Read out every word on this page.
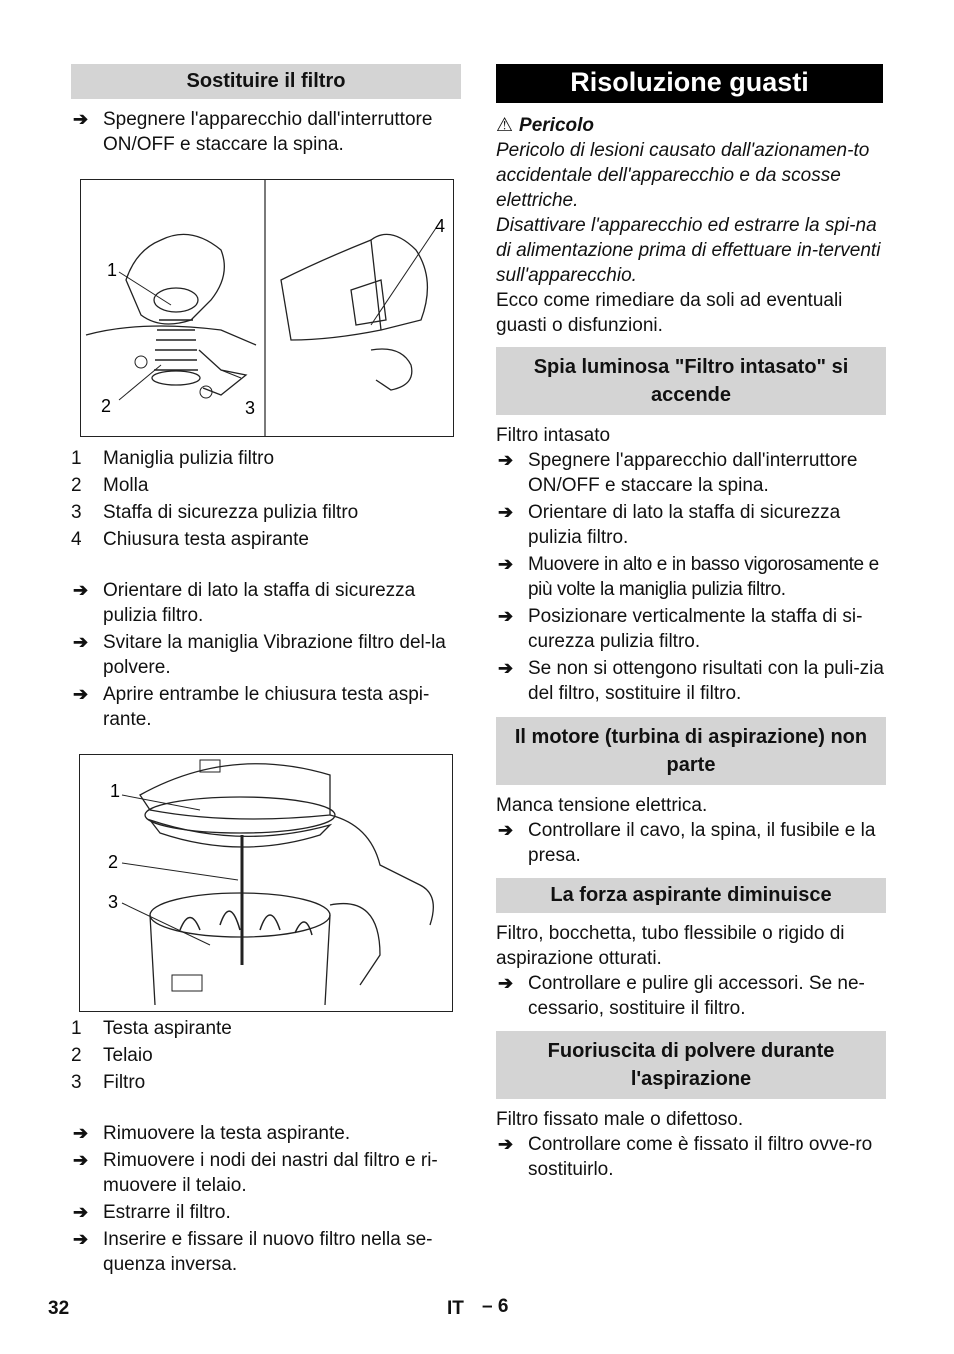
Sostituire il filtro
➔ Spegnere l'apparecchio dall'interruttore ON/OFF e staccare la spina.
1
2	3
4
1	Maniglia pulizia filtro
2	Molla
3	Staffa di sicurezza pulizia filtro
4	Chiusura testa aspirante
➔ Orientare di lato la staffa di sicurezza pulizia filtro.
➔ Svitare la maniglia Vibrazione filtro del-la polvere.
➔ Aprire entrambe le chiusura testa aspi-rante.
1
2
3
1	Testa aspirante
2	Telaio
3	Filtro
➔ Rimuovere la testa aspirante.
➔ Rimuovere i nodi dei nastri dal filtro e ri-muovere il telaio.
➔ Estrarre il filtro.
➔ Inserire e fissare il nuovo filtro nella se-quenza inversa.
Risoluzione guasti
⚠ Pericolo

Pericolo di lesioni causato dall'azionamen-to accidentale dell'apparecchio e da scosse elettriche.

Disattivare l'apparecchio ed estrarre la spi-na di alimentazione prima di effettuare in-terventi sull'apparecchio.

Ecco come rimediare da soli ad eventuali guasti o disfunzioni.

Spia luminosa "Filtro intasato" si accende

Filtro intasato

➔ Spegnere l'apparecchio dall'interruttore ON/OFF e staccare la spina.
➔ Orientare di lato la staffa di sicurezza pulizia filtro.
➔ Muovere in alto e in basso vigorosamente e più volte la maniglia pulizia filtro.
➔ Posizionare verticalmente la staffa di si-curezza pulizia filtro.
➔ Se non si ottengono risultati con la puli-zia del filtro, sostituire il filtro.
Il motore (turbina di aspirazione) non parte

Manca tensione elettrica.

➔ Controllare il cavo, la spina, il fusibile e la presa.
La forza aspirante diminuisce

Filtro, bocchetta, tubo flessibile o rigido di aspirazione otturati.

➔ Controllare e pulire gli accessori. Se ne-cessario, sostituire il filtro.
Fuoriuscita di polvere durante l'aspirazione

Filtro fissato male o difettoso.

➔ Controllare come è fissato il filtro ovve-ro sostituirlo.
32	IT – 6
